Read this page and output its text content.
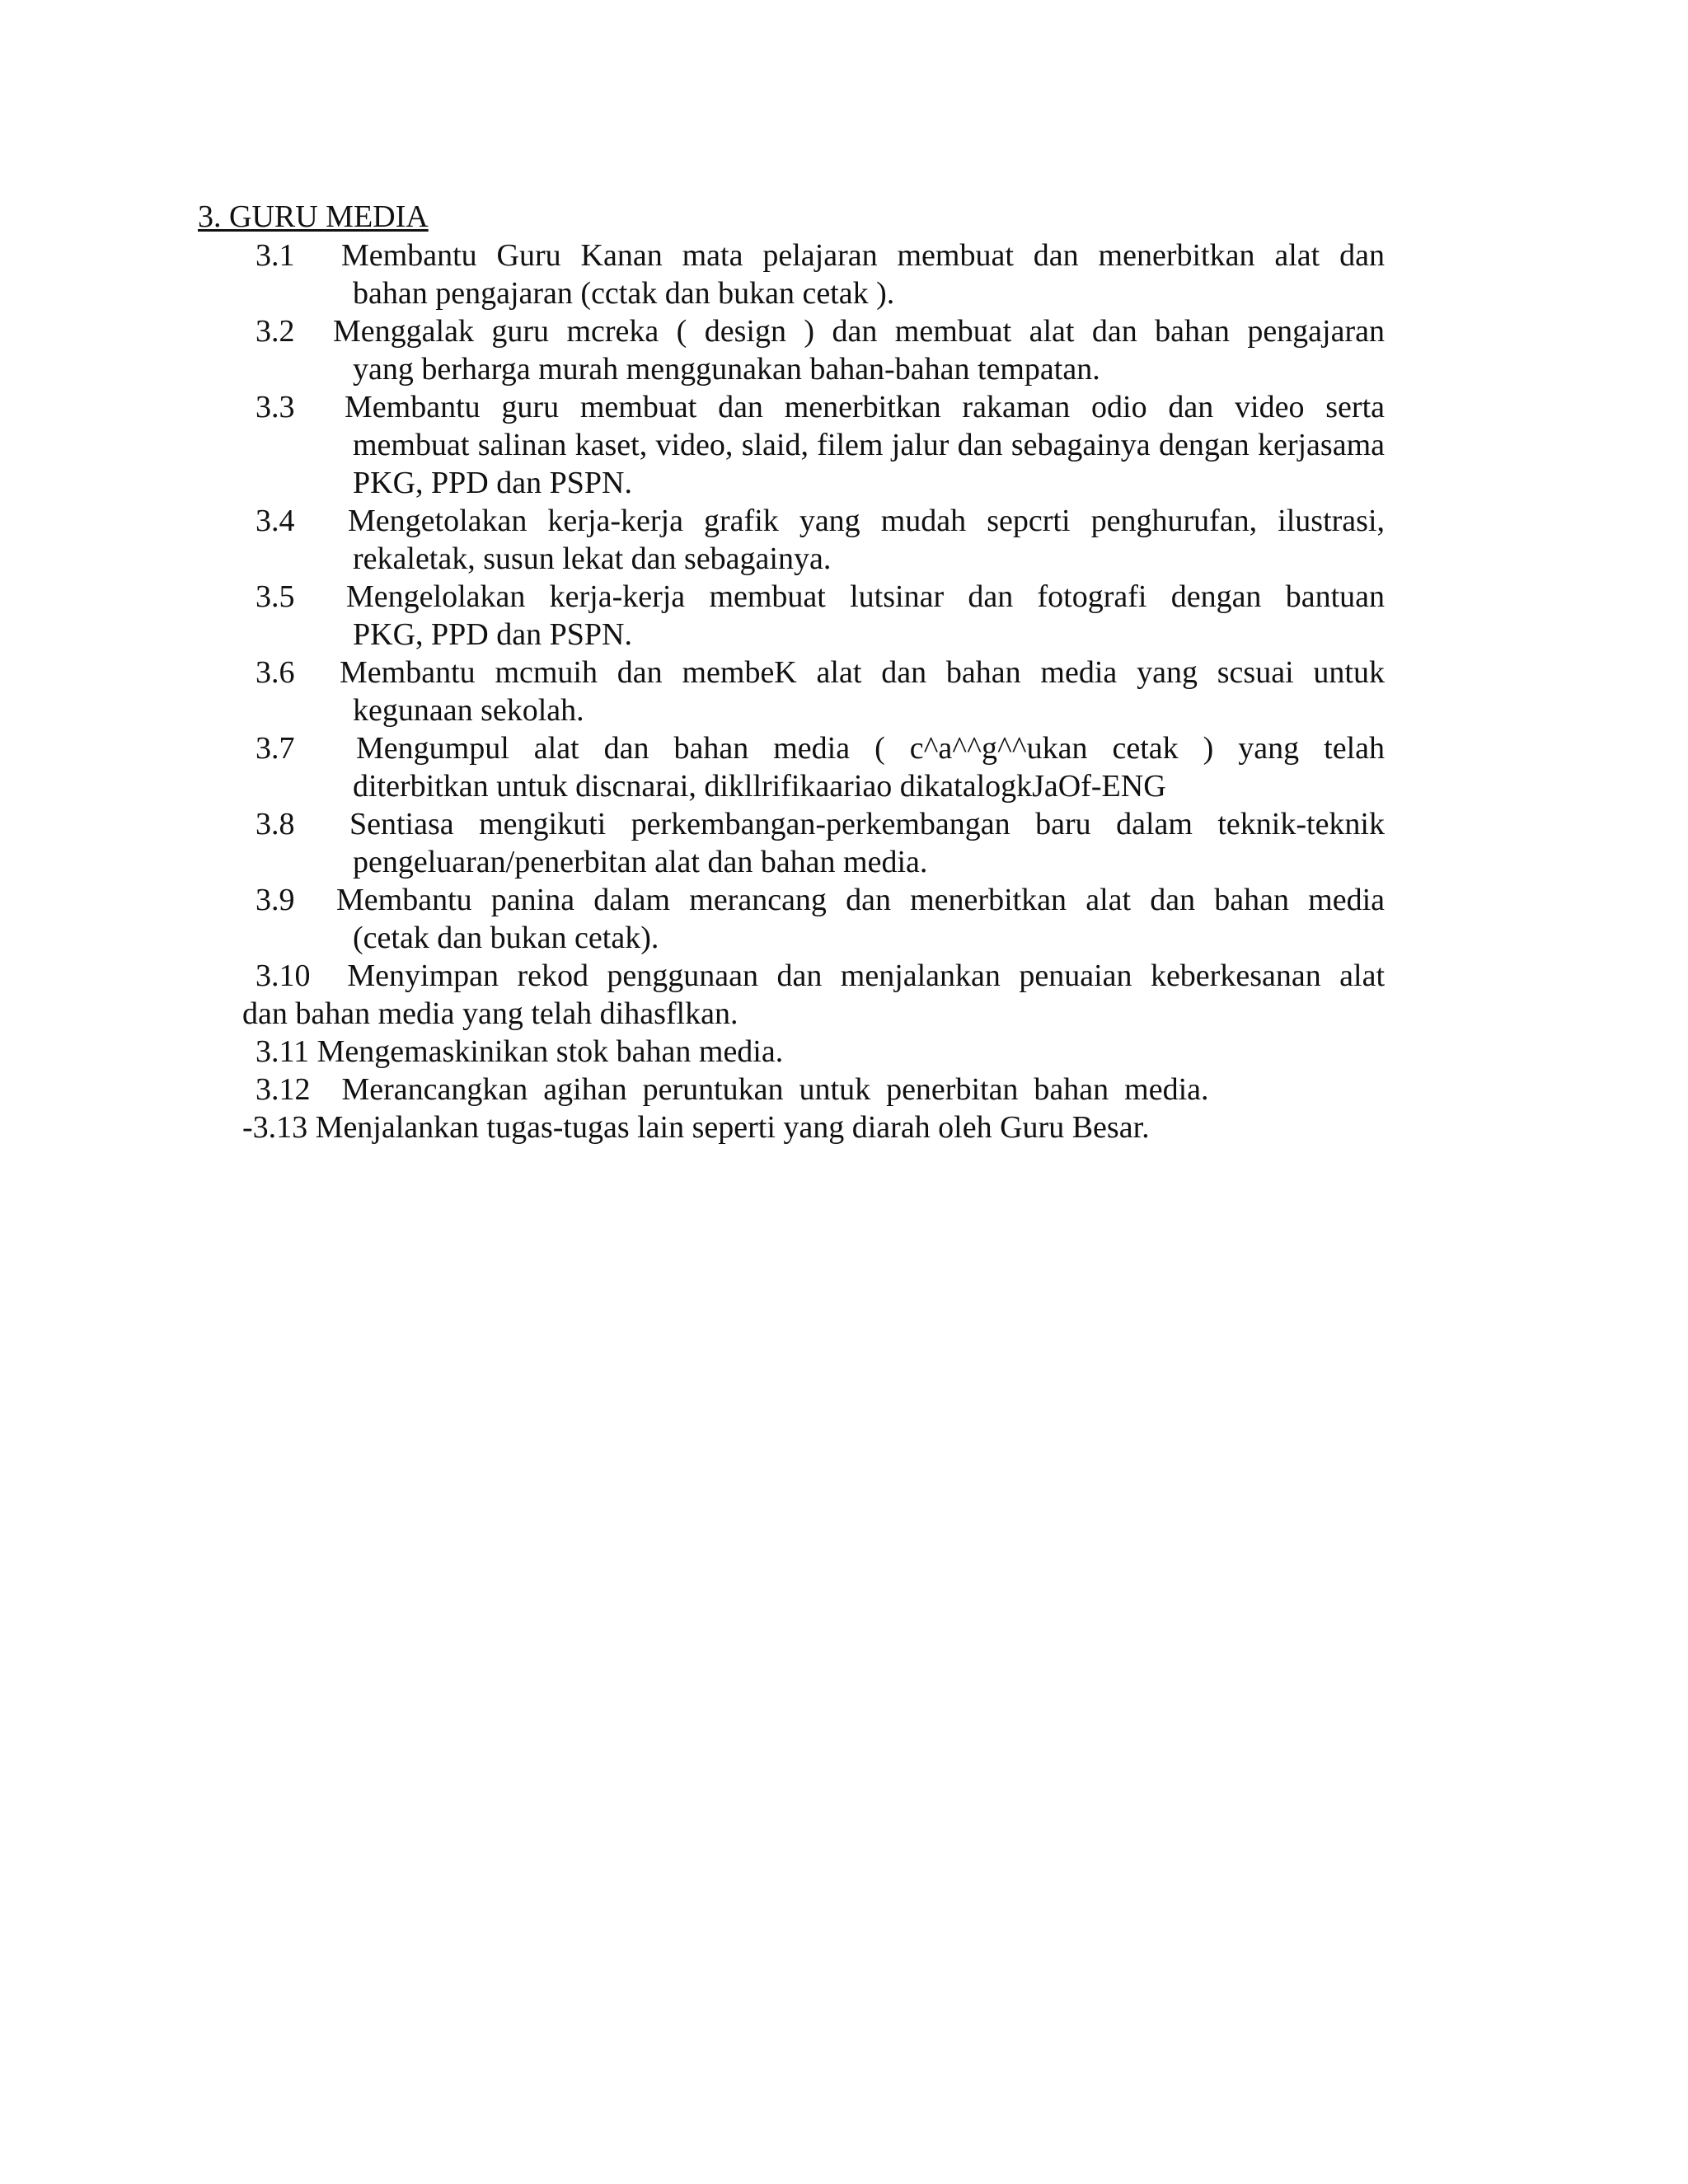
3. GURU MEDIA
3.1 Membantu Guru Kanan mata pelajaran membuat dan menerbitkan alat dan
bahan pengajaran (cctak dan bukan cetak ).
3.2 Menggalak guru mcreka ( design ) dan membuat alat dan bahan pengajaran
yang berharga murah menggunakan bahan-bahan tempatan.
3.3 Membantu guru membuat dan menerbitkan rakaman odio dan video serta
membuat salinan kaset, video, slaid, filem jalur dan sebagainya dengan kerjasama PKG, PPD dan PSPN.
3.4 Mengetolakan kerja-kerja grafik yang mudah sepcrti penghurufan, ilustrasi,
rekaletak, susun lekat dan sebagainya.
3.5 Mengelolakan kerja-kerja membuat lutsinar dan fotografi dengan bantuan
PKG, PPD dan PSPN.
3.6 Membantu mcmuih dan membeK alat dan bahan media yang scsuai untuk
kegunaan sekolah.
3.7 Mengumpul alat dan bahan media ( c^a^^g^^ukan cetak ) yang telah
diterbitkan untuk discnarai, dikllrifikaariao dikatalogkJaOf-ENG
3.8 Sentiasa mengikuti perkembangan-perkembangan baru dalam teknik-teknik
pengeluaran/penerbitan alat dan bahan media.
3.9 Membantu panina dalam merancang dan menerbitkan alat dan bahan media
(cetak dan bukan cetak).
3.10 Menyimpan rekod penggunaan dan menjalankan penuaian keberkesanan alat
dan bahan media yang telah dihasflkan.
3.11 Mengemaskinikan stok bahan media.
3.12    Merancangkan  agihan  peruntukan  untuk  penerbitan  bahan  media.
-3.13 Menjalankan tugas-tugas lain seperti yang diarah oleh Guru Besar.
